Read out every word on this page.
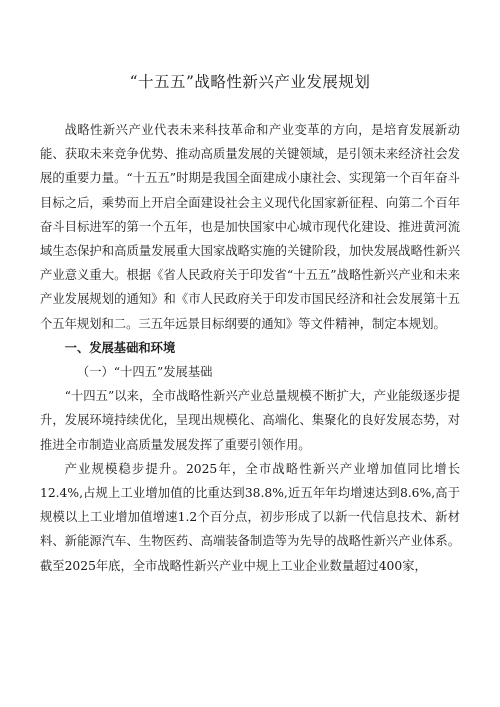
“十五五”战略性新兴产业发展规划

战略性新兴产业代表未来科技革命和产业变革的方向，是培育发展新动能、获取未来竞争优势、推动高质量发展的关键领域，是引领未来经济社会发展的重要力量。“十五五”时期是我国全面建成小康社会、实现第一个百年奋斗目标之后，乘势而上开启全面建设社会主义现代化国家新征程、向第二个百年奋斗目标进军的第一个五年，也是加快国家中心城市现代化建设、推进黄河流域生态保护和高质量发展重大国家战略实施的关键阶段，加快发展战略性新兴产业意义重大。根据《省人民政府关于印发省“十五五”战略性新兴产业和未来产业发展规划的通知》和《市人民政府关于印发市国民经济和社会发展第十五个五年规划和二。三五年远景目标纲要的通知》等文件精神，制定本规划。

一、发展基础和环境

（一）“十四五”发展基础

“十四五”以来，全市战略性新兴产业总量规模不断扩大，产业能级逐步提升，发展环境持续优化，呈现出规模化、高端化、集聚化的良好发展态势，对推进全市制造业高质量发展发挥了重要引领作用。

产业规模稳步提升。2025年，全市战略性新兴产业增加值同比增长12.4%,占规上工业增加值的比重达到38.8%,近五年年均增速达到8.6%,高于规模以上工业增加值增速1.2个百分点，初步形成了以新一代信息技术、新材料、新能源汽车、生物医药、高端装备制造等为先导的战略性新兴产业体系。截至2025年底，全市战略性新兴产业中规上工业企业数量超过400家，
